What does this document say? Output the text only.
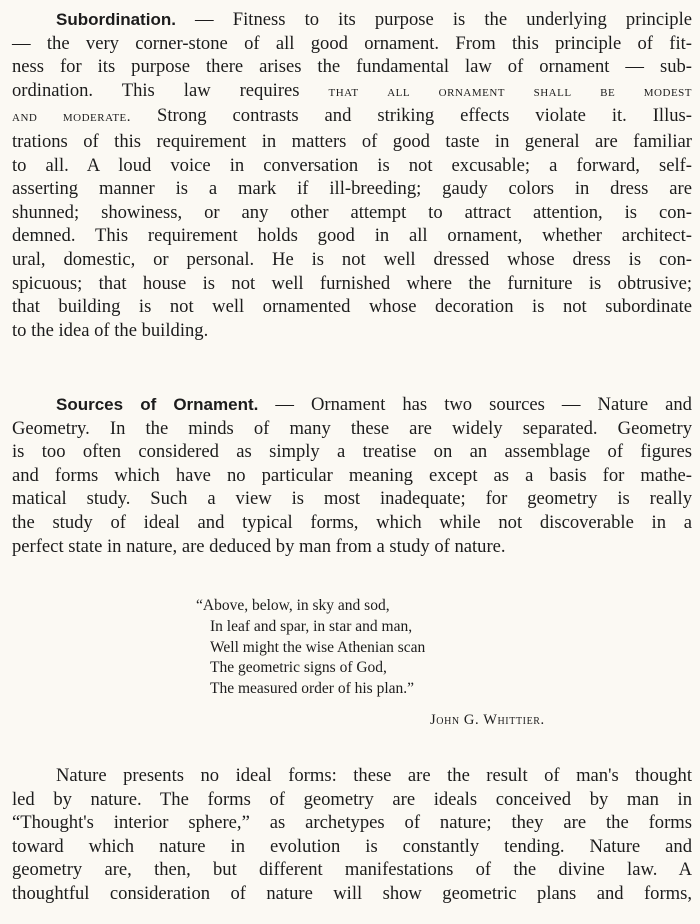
Subordination. — Fitness to its purpose is the underlying principle
— the very corner-stone of all good ornament. From this principle of fit-
ness for its purpose there arises the fundamental law of ornament — sub-
ordination. This law requires that all ornament shall be modest
and moderate. Strong contrasts and striking effects violate it. Illus-
trations of this requirement in matters of good taste in general are familiar
to all. A loud voice in conversation is not excusable; a forward, self-
asserting manner is a mark if ill-breeding; gaudy colors in dress are
shunned; showiness, or any other attempt to attract attention, is con-
demned. This requirement holds good in all ornament, whether architect-
ural, domestic, or personal. He is not well dressed whose dress is con-
spicuous; that house is not well furnished where the furniture is obtrusive;
that building is not well ornamented whose decoration is not subordinate
to the idea of the building.
Sources of Ornament. — Ornament has two sources — Nature and
Geometry. In the minds of many these are widely separated. Geometry
is too often considered as simply a treatise on an assemblage of figures
and forms which have no particular meaning except as a basis for mathe-
matical study. Such a view is most inadequate; for geometry is really
the study of ideal and typical forms, which while not discoverable in a
perfect state in nature, are deduced by man from a study of nature.
“Above, below, in sky and sod,
In leaf and spar, in star and man,
Well might the wise Athenian scan
The geometric signs of God,
The measured order of his plan.”
John G. Whittier.
Nature presents no ideal forms: these are the result of man's thought
led by nature. The forms of geometry are ideals conceived by man in
“Thought's interior sphere,” as archetypes of nature; they are the forms
toward which nature in evolution is constantly tending. Nature and
geometry are, then, but different manifestations of the divine law. A
thoughtful consideration of nature will show geometric plans and forms,
